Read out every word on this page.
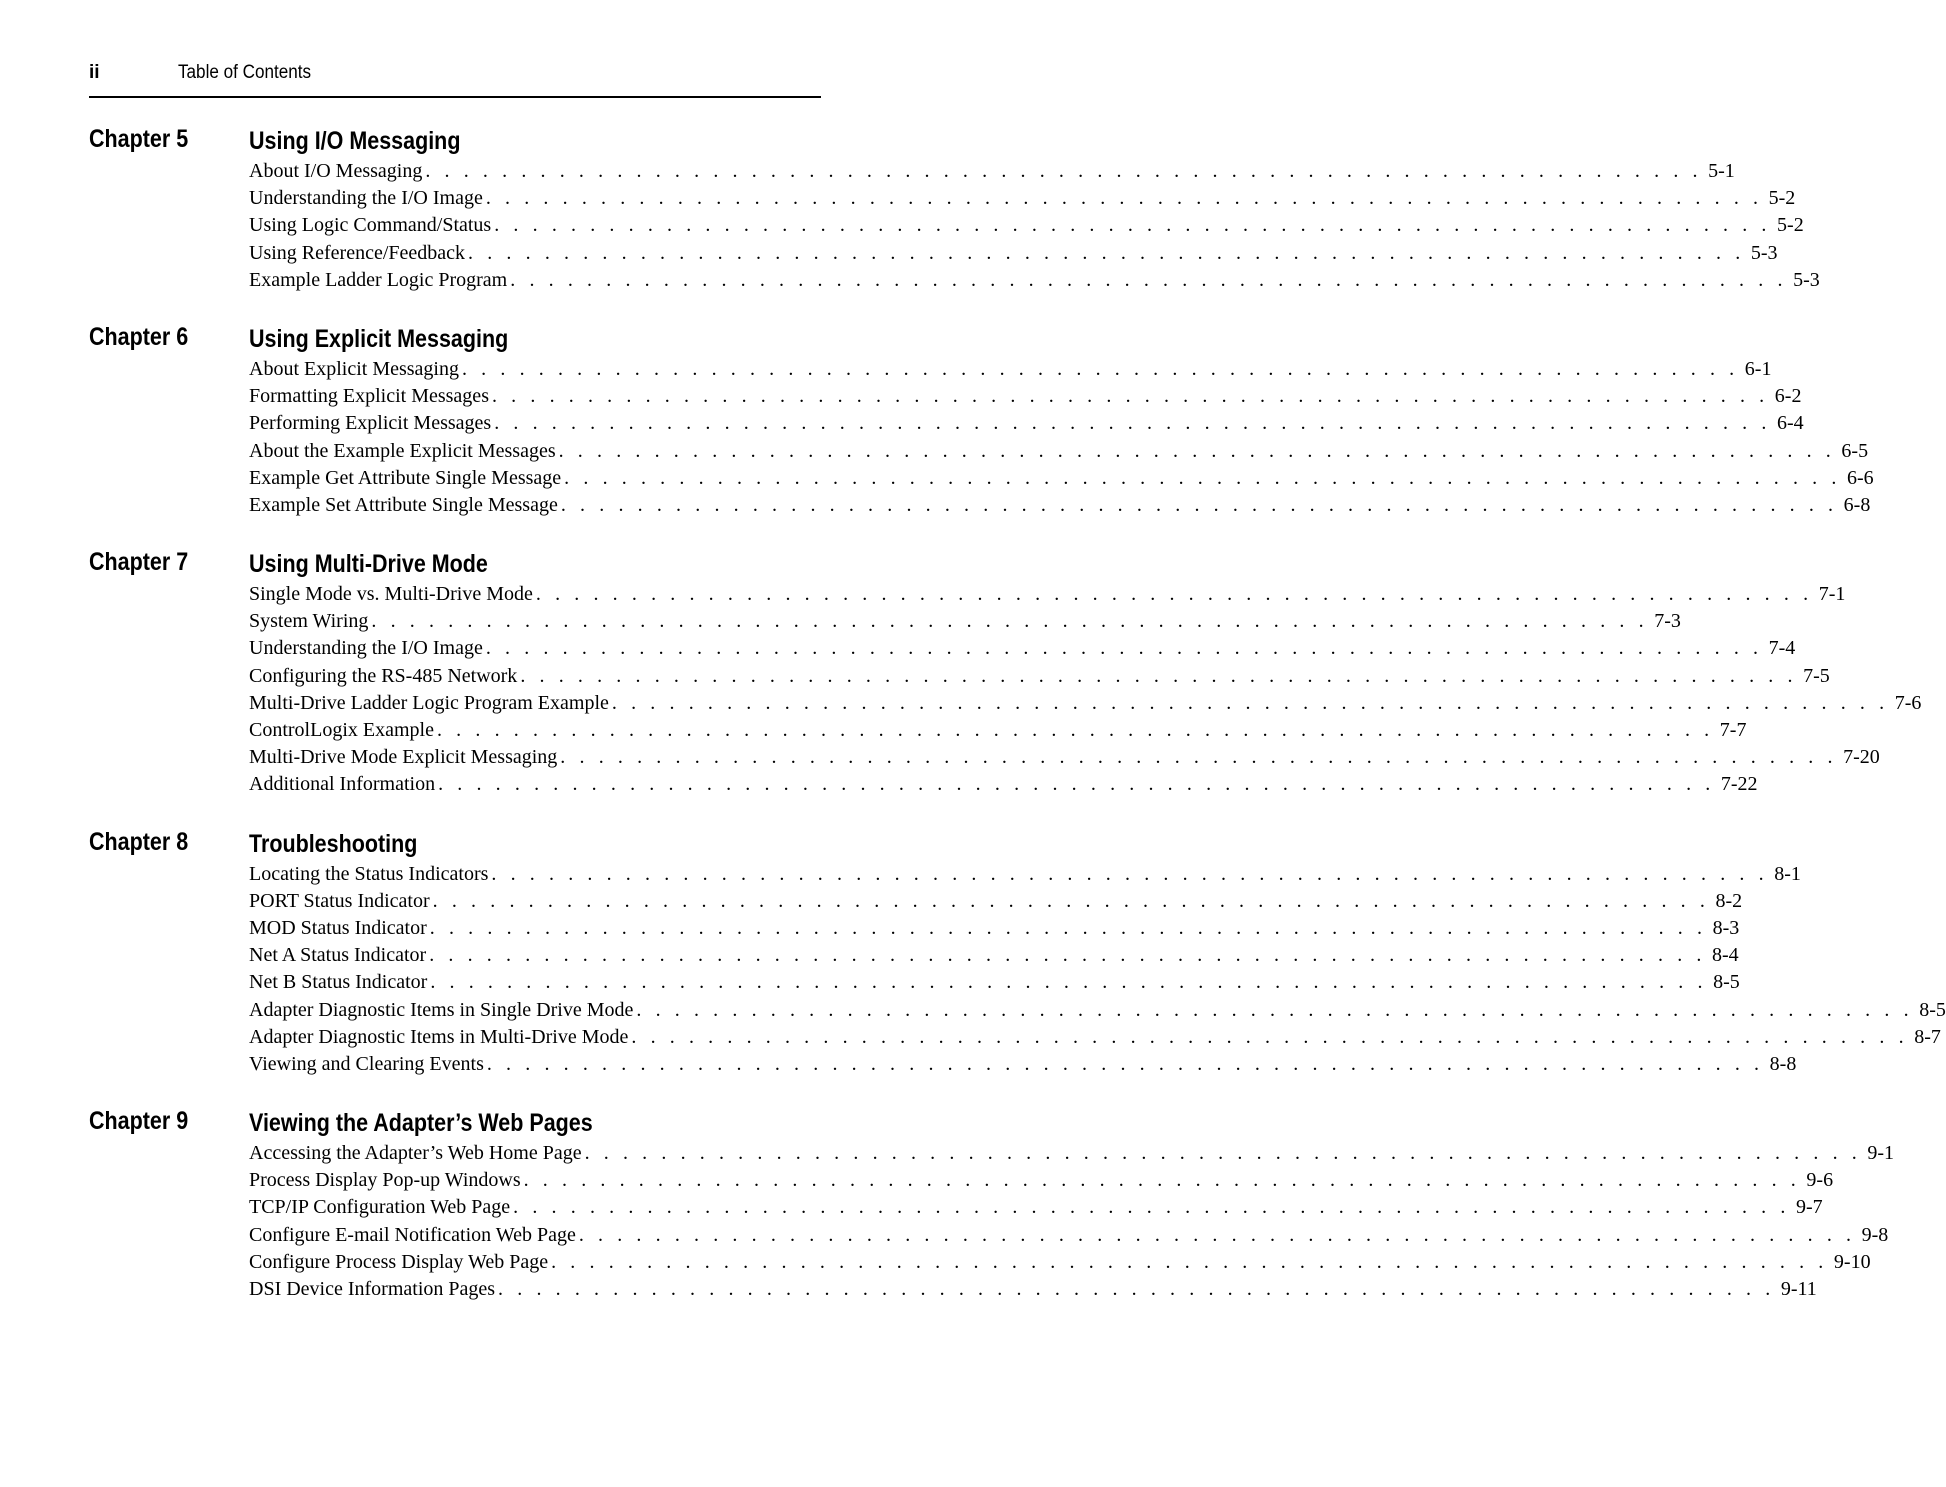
ii	Table of Contents
Chapter 5 Using I/O Messaging
About I/O Messaging . . . . . . . . . . . . . . . . . . . . . . . . . . . . . . . . . . . . . . . . . . . . . . . . . . . . . . . . . . . . . . . . . . . 5-1
Understanding the I/O Image . . . . . . . . . . . . . . . . . . . . . . . . . . . . . . . . . . . . . . . . . . . . . . . . . . . . . . . . . . . . . . . . . . . 5-2
Using Logic Command/Status . . . . . . . . . . . . . . . . . . . . . . . . . . . . . . . . . . . . . . . . . . . . . . . . . . . . . . . . . . . . . . . . . . . 5-2
Using Reference/Feedback . . . . . . . . . . . . . . . . . . . . . . . . . . . . . . . . . . . . . . . . . . . . . . . . . . . . . . . . . . . . . . . . . . . 5-3
Example Ladder Logic Program . . . . . . . . . . . . . . . . . . . . . . . . . . . . . . . . . . . . . . . . . . . . . . . . . . . . . . . . . . . . . . . . . . . 5-3
Chapter 6 Using Explicit Messaging
About Explicit Messaging . . . . . . . . . . . . . . . . . . . . . . . . . . . . . . . . . . . . . . . . . . . . . . . . . . . . . . . . . . . . . . . . . . . 6-1
Formatting Explicit Messages . . . . . . . . . . . . . . . . . . . . . . . . . . . . . . . . . . . . . . . . . . . . . . . . . . . . . . . . . . . . . . . . . . . 6-2
Performing Explicit Messages . . . . . . . . . . . . . . . . . . . . . . . . . . . . . . . . . . . . . . . . . . . . . . . . . . . . . . . . . . . . . . . . . . . 6-4
About the Example Explicit Messages . . . . . . . . . . . . . . . . . . . . . . . . . . . . . . . . . . . . . . . . . . . . . . . . . . . . . . . . . . . . . . . . . . . 6-5
Example Get Attribute Single Message . . . . . . . . . . . . . . . . . . . . . . . . . . . . . . . . . . . . . . . . . . . . . . . . . . . . . . . . . . . . . . . . . . . 6-6
Example Set Attribute Single Message . . . . . . . . . . . . . . . . . . . . . . . . . . . . . . . . . . . . . . . . . . . . . . . . . . . . . . . . . . . . . . . . . . . 6-8
Chapter 7 Using Multi-Drive Mode
Single Mode vs. Multi-Drive Mode . . . . . . . . . . . . . . . . . . . . . . . . . . . . . . . . . . . . . . . . . . . . . . . . . . . . . . . . . . . . . . . . . . . 7-1
System Wiring . . . . . . . . . . . . . . . . . . . . . . . . . . . . . . . . . . . . . . . . . . . . . . . . . . . . . . . . . . . . . . . . . . . 7-3
Understanding the I/O Image . . . . . . . . . . . . . . . . . . . . . . . . . . . . . . . . . . . . . . . . . . . . . . . . . . . . . . . . . . . . . . . . . . . 7-4
Configuring the RS-485 Network . . . . . . . . . . . . . . . . . . . . . . . . . . . . . . . . . . . . . . . . . . . . . . . . . . . . . . . . . . . . . . . . . . . 7-5
Multi-Drive Ladder Logic Program Example . . . . . . . . . . . . . . . . . . . . . . . . . . . . . . . . . . . . . . . . . . . . . . . . . . . . . . . . . . . . . . . . . . . 7-6
ControlLogix Example . . . . . . . . . . . . . . . . . . . . . . . . . . . . . . . . . . . . . . . . . . . . . . . . . . . . . . . . . . . . . . . . . . . 7-7
Multi-Drive Mode Explicit Messaging . . . . . . . . . . . . . . . . . . . . . . . . . . . . . . . . . . . . . . . . . . . . . . . . . . . . . . . . . . . . . . . . . . . 7-20
Additional Information . . . . . . . . . . . . . . . . . . . . . . . . . . . . . . . . . . . . . . . . . . . . . . . . . . . . . . . . . . . . . . . . . . . 7-22
Chapter 8 Troubleshooting
Locating the Status Indicators . . . . . . . . . . . . . . . . . . . . . . . . . . . . . . . . . . . . . . . . . . . . . . . . . . . . . . . . . . . . . . . . . . . 8-1
PORT Status Indicator . . . . . . . . . . . . . . . . . . . . . . . . . . . . . . . . . . . . . . . . . . . . . . . . . . . . . . . . . . . . . . . . . . . 8-2
MOD Status Indicator . . . . . . . . . . . . . . . . . . . . . . . . . . . . . . . . . . . . . . . . . . . . . . . . . . . . . . . . . . . . . . . . . . . 8-3
Net A Status Indicator . . . . . . . . . . . . . . . . . . . . . . . . . . . . . . . . . . . . . . . . . . . . . . . . . . . . . . . . . . . . . . . . . . . 8-4
Net B Status Indicator . . . . . . . . . . . . . . . . . . . . . . . . . . . . . . . . . . . . . . . . . . . . . . . . . . . . . . . . . . . . . . . . . . . 8-5
Adapter Diagnostic Items in Single Drive Mode . . . . . . . . . . . . . . . . . . . . . . . . . . . . . . . . . . . . . . . . . . . . . . . . . . . . . . . . . . . . . . . . . . . 8-5
Adapter Diagnostic Items in Multi-Drive Mode . . . . . . . . . . . . . . . . . . . . . . . . . . . . . . . . . . . . . . . . . . . . . . . . . . . . . . . . . . . . . . . . . . . 8-7
Viewing and Clearing Events . . . . . . . . . . . . . . . . . . . . . . . . . . . . . . . . . . . . . . . . . . . . . . . . . . . . . . . . . . . . . . . . . . . 8-8
Chapter 9 Viewing the Adapter’s Web Pages
Accessing the Adapter’s Web Home Page . . . . . . . . . . . . . . . . . . . . . . . . . . . . . . . . . . . . . . . . . . . . . . . . . . . . . . . . . . . . . . . . . . . 9-1
Process Display Pop-up Windows . . . . . . . . . . . . . . . . . . . . . . . . . . . . . . . . . . . . . . . . . . . . . . . . . . . . . . . . . . . . . . . . . . . 9-6
TCP/IP Configuration Web Page . . . . . . . . . . . . . . . . . . . . . . . . . . . . . . . . . . . . . . . . . . . . . . . . . . . . . . . . . . . . . . . . . . . 9-7
Configure E-mail Notification Web Page . . . . . . . . . . . . . . . . . . . . . . . . . . . . . . . . . . . . . . . . . . . . . . . . . . . . . . . . . . . . . . . . . . . 9-8
Configure Process Display Web Page . . . . . . . . . . . . . . . . . . . . . . . . . . . . . . . . . . . . . . . . . . . . . . . . . . . . . . . . . . . . . . . . . . . 9-10
DSI Device Information Pages . . . . . . . . . . . . . . . . . . . . . . . . . . . . . . . . . . . . . . . . . . . . . . . . . . . . . . . . . . . . . . . . . . . 9-11
